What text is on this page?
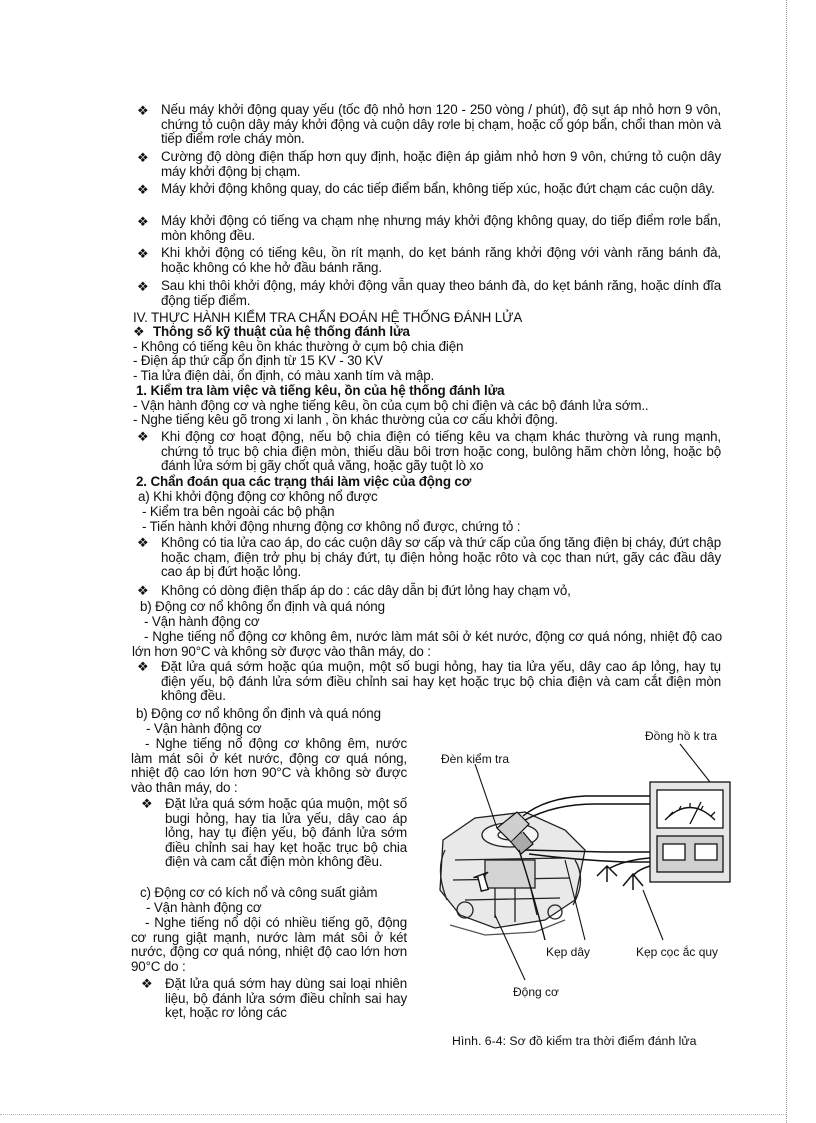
❖ Nếu máy khởi động quay yếu (tốc độ nhỏ hơn 120 - 250 vòng / phút), độ sụt áp nhỏ hơn 9 vôn, chứng tỏ cuộn dây máy khởi động và cuộn dây rơle bị chạm, hoặc cổ góp bẩn, chổi than mòn và tiếp điểm rơle cháy mòn.

❖ Cường độ dòng điện thấp hơn quy định, hoặc điện áp giảm nhỏ hơn 9 vôn, chứng tỏ cuộn dây máy khởi động bị chạm.

❖ Máy khởi động không quay, do các tiếp điểm bẩn, không tiếp xúc, hoặc đứt chạm các cuộn dây.

❖ Máy khởi động có tiếng va chạm nhẹ nhưng máy khởi động không quay, do tiếp điểm rơle bẩn, mòn không đều.

❖ Khi khởi động có tiếng kêu, ồn rít mạnh, do kẹt bánh răng khởi động với vành răng bánh đà, hoặc không có khe hở đầu bánh răng.

❖ Sau khi thôi khởi động, máy khởi động vẫn quay theo bánh đà, do kẹt bánh răng, hoặc dính đĩa động tiếp điểm.

IV. THỰC HÀNH KIỂM TRA CHẨN ĐOÁN HỆ THỐNG ĐÁNH LỬA

❖ Thông số kỹ thuật của hệ thống đánh lửa

- Không có tiếng kêu ồn khác thường ở cụm bộ chia điện

- Điện áp thứ cấp ổn định từ 15 KV - 30 KV

- Tia lửa điện dài, ổn định, có màu xanh tím và mập.

1. Kiểm tra làm việc và tiếng kêu, ồn của hệ thống đánh lửa

- Vận hành động cơ và nghe tiếng kêu, ồn của cụm bộ chi điện và các bộ đánh lửa sớm..

- Nghe tiếng kêu gõ trong xi lanh , ồn khác thường của cơ cấu khởi động.

❖ Khi động cơ hoạt động, nếu bộ chia điện có tiếng kêu va chạm khác thường và rung mạnh, chứng tỏ trục bộ chia điện mòn, thiếu dầu bôi trơn hoặc cong, bulông hãm chờn lỏng, hoặc bộ đánh lửa sớm bị gãy chốt quả văng, hoặc gãy tuột lò xo

2. Chẩn đoán qua các trạng thái làm việc của động cơ

a) Khi khởi động động cơ không nổ được

- Kiểm tra bên ngoài các bộ phận

- Tiến hành khởi động nhưng động cơ không nổ được, chứng tỏ :

❖ Không có tia lửa cao áp, do các cuộn dây sơ cấp và thứ cấp của ống tăng điện bị cháy, đứt chập hoặc chạm, điện trở phụ bị cháy đứt, tụ điện hỏng hoặc rôto và cọc than nứt, gãy các đầu dây cao áp bị đứt hoặc lỏng.

❖ Không có dòng điện thấp áp do : các dây dẫn bị đứt lỏng hay chạm vỏ,

b) Động cơ nổ không ổn định và quá nóng

- Vận hành động cơ

- Nghe tiếng nổ động cơ không êm, nước làm mát sôi ở két nước, động cơ quá nóng, nhiệt độ cao lớn hơn 90°C và không sờ được vào thân máy, do :

❖ Đặt lửa quá sớm hoặc qúa muộn, một số bugi hỏng, hay tia lửa yếu, dây cao áp lỏng, hay tụ điện yếu, bộ đánh lửa sớm điều chỉnh sai hay kẹt hoặc trục bộ chia điện và cam cắt điện mòn không đều.

b) Động cơ nổ không ổn định và quá nóng

- Vận hành động cơ

- Nghe tiếng nổ động cơ không êm, nước làm mát sôi ở két nước, động cơ quá nóng, nhiệt độ cao lớn hơn 90°C và không sờ được vào thân máy, do :

❖ Đặt lửa quá sớm hoặc qúa muộn, một số bugi hỏng, hay tia lửa yếu, dây cao áp lỏng, hay tụ điện yếu, bộ đánh lửa sớm điều chỉnh sai hay kẹt hoặc trục bộ chia điện và cam cắt điện mòn không đều.

c) Động cơ có kích nổ và công suất giảm

- Vận hành động cơ

- Nghe tiếng nổ dội có nhiều tiếng gõ, động cơ rung giật mạnh, nước làm mát sôi ở két nước, động cơ quá nóng, nhiệt độ cao lớn hơn 90°C do :

❖ Đặt lửa quá sớm hay dùng sai loại nhiên liệu, bộ đánh lửa sớm điều chỉnh sai hay kẹt, hoặc rơ lỏng các

Đồng hồ k tra
Đèn kiểm tra
Kẹp dây	Kẹp cọc ắc quy
Động cơ
Hình. 6-4: Sơ đồ kiểm tra thời điểm đánh lửa
